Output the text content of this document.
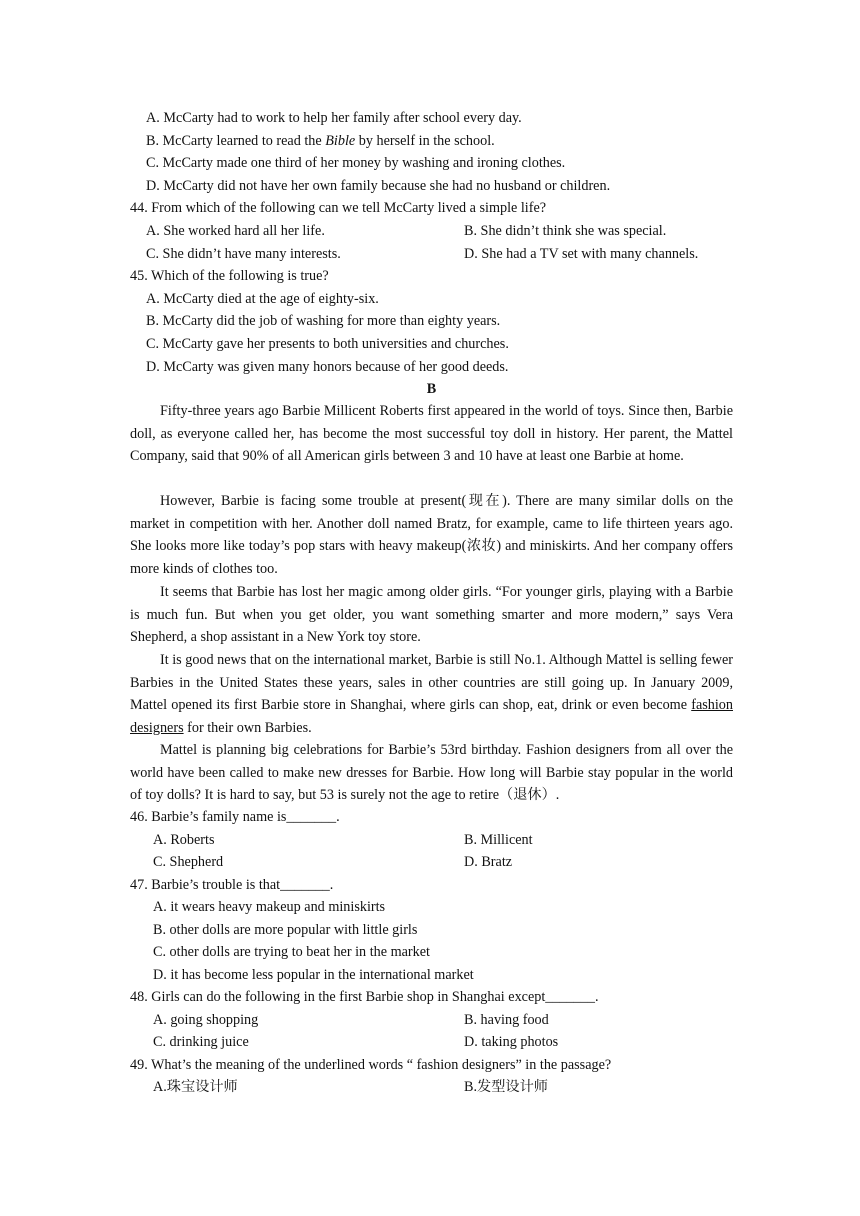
A. McCarty had to work to help her family after school every day.
B. McCarty learned to read the Bible by herself in the school.
C. McCarty made one third of her money by washing and ironing clothes.
D. McCarty did not have her own family because she had no husband or children.
44. From which of the following can we tell McCarty lived a simple life?
A. She worked hard all her life.	B. She didn’t think she was special.
C. She didn’t have many interests.	D. She had a TV set with many channels.
45. Which of the following is true?
A. McCarty died at the age of eighty-six.
B. McCarty did the job of washing for more than eighty years.
C. McCarty gave her presents to both universities and churches.
D. McCarty was given many honors because of her good deeds.
B

Fifty-three years ago Barbie Millicent Roberts first appeared in the world of toys. Since then, Barbie doll, as everyone called her, has become the most successful toy doll in history. Her parent, the Mattel Company, said that 90% of all American girls between 3 and 10 have at least one Barbie at home.

However, Barbie is facing some trouble at present(现在). There are many similar dolls on the market in competition with her. Another doll named Bratz, for example, came to life thirteen years ago. She looks more like today’s pop stars with heavy makeup(浓妆) and miniskirts. And her company offers more kinds of clothes too.

It seems that Barbie has lost her magic among older girls. “For younger girls, playing with a Barbie is much fun. But when you get older, you want something smarter and more modern,” says Vera Shepherd, a shop assistant in a New York toy store.

It is good news that on the international market, Barbie is still No.1. Although Mattel is selling fewer Barbies in the United States these years, sales in other countries are still going up. In January 2009, Mattel opened its first Barbie store in Shanghai, where girls can shop, eat, drink or even become fashion designers for their own Barbies.

Mattel is planning big celebrations for Barbie’s 53rd birthday. Fashion designers from all over the world have been called to make new dresses for Barbie. How long will Barbie stay popular in the world of toy dolls? It is hard to say, but 53 is surely not the age to retire（退休）.

46. Barbie’s family name is_______.
A. Roberts	B. Millicent
C. Shepherd	D. Bratz
47. Barbie’s trouble is that_______.
A. it wears heavy makeup and miniskirts
B. other dolls are more popular with little girls
C. other dolls are trying to beat her in the market
D. it has become less popular in the international market
48. Girls can do the following in the first Barbie shop in Shanghai except_______.
A. going shopping	B. having food
C. drinking juice	D. taking photos
49. What’s the meaning of the underlined words “ fashion designers” in the passage?
A.珠宝设计师	B.发型设计师
